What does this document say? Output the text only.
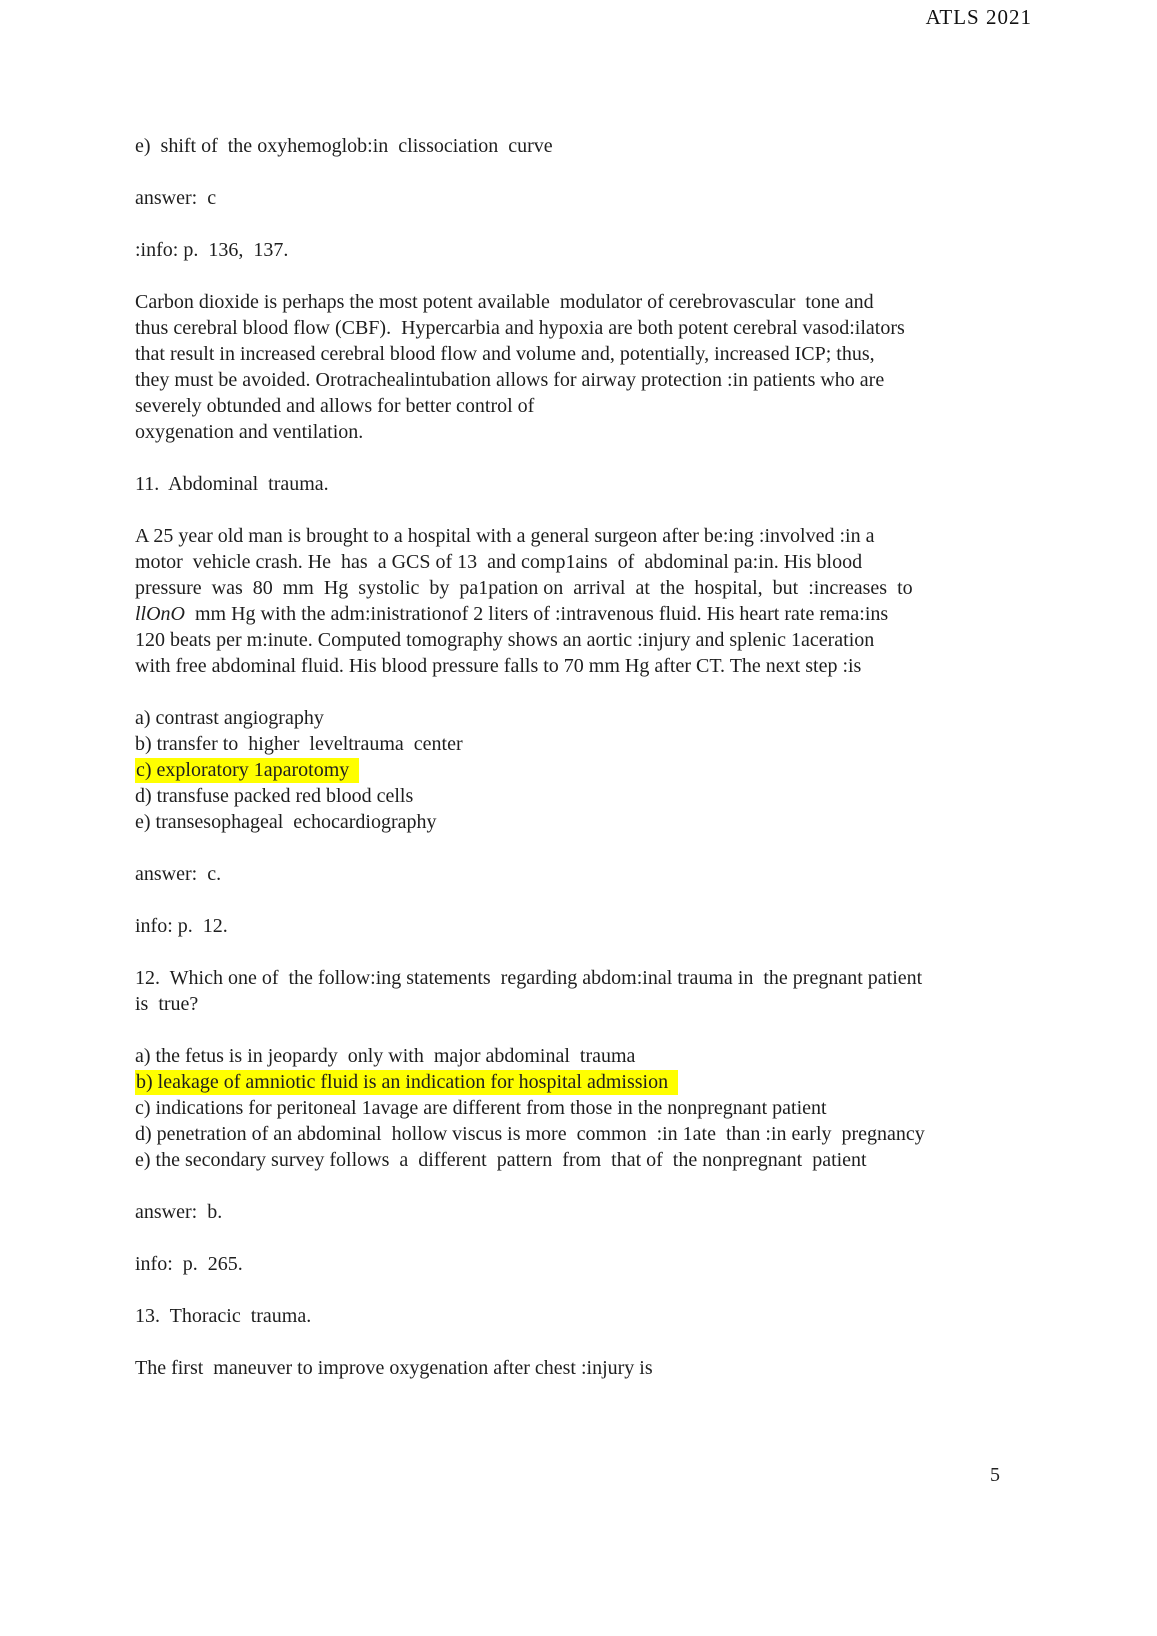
ATLS 2021
e)  shift of  the oxyhemoglob:in  clissociation  curve
answer:  c
:info: p.  136,  137.
Carbon dioxide is perhaps the most potent available  modulator of cerebrovascular  tone and
thus cerebral blood flow (CBF).  Hypercarbia and hypoxia are both potent cerebral vasod:ilators
that result in increased cerebral blood flow and volume and, potentially, increased ICP; thus,
they must be avoided. Orotrachealintubation allows for airway protection :in patients who are
severely obtunded and allows for better control of
oxygenation and ventilation.
11.  Abdominal  trauma.
A 25 year old man is brought to a hospital with a general surgeon after be:ing :involved :in a
motor  vehicle crash. He  has  a GCS of 13  and comp1ains  of  abdominal pa:in. His blood
pressure  was  80  mm  Hg  systolic  by  pa1pation on  arrival  at  the  hospital,  but  :increases  to
llOnO  mm Hg with the adm:inistrationof 2 liters of :intravenous fluid. His heart rate rema:ins
120 beats per m:inute. Computed tomography shows an aortic :injury and splenic 1aceration
with free abdominal fluid. His blood pressure falls to 70 mm Hg after CT. The next step :is
a) contrast angiography
b) transfer to  higher  leveltrauma  center
c) exploratory 1aparotomy
d) transfuse packed red blood cells
e) transesophageal  echocardiography
answer:  c.
info: p.  12.
12.  Which one of  the follow:ing statements  regarding abdom:inal trauma in  the pregnant patient
is  true?
a) the fetus is in jeopardy  only with  major abdominal  trauma
b) leakage of amniotic fluid is an indication for hospital admission
c) indications for peritoneal 1avage are different from those in the nonpregnant patient
d) penetration of an abdominal  hollow viscus is more  common  :in 1ate  than :in early  pregnancy
e) the secondary survey follows  a  different  pattern  from  that of  the nonpregnant  patient
answer:  b.
info:  p.  265.
13.  Thoracic  trauma.
The first  maneuver to improve oxygenation after chest :injury is
5
